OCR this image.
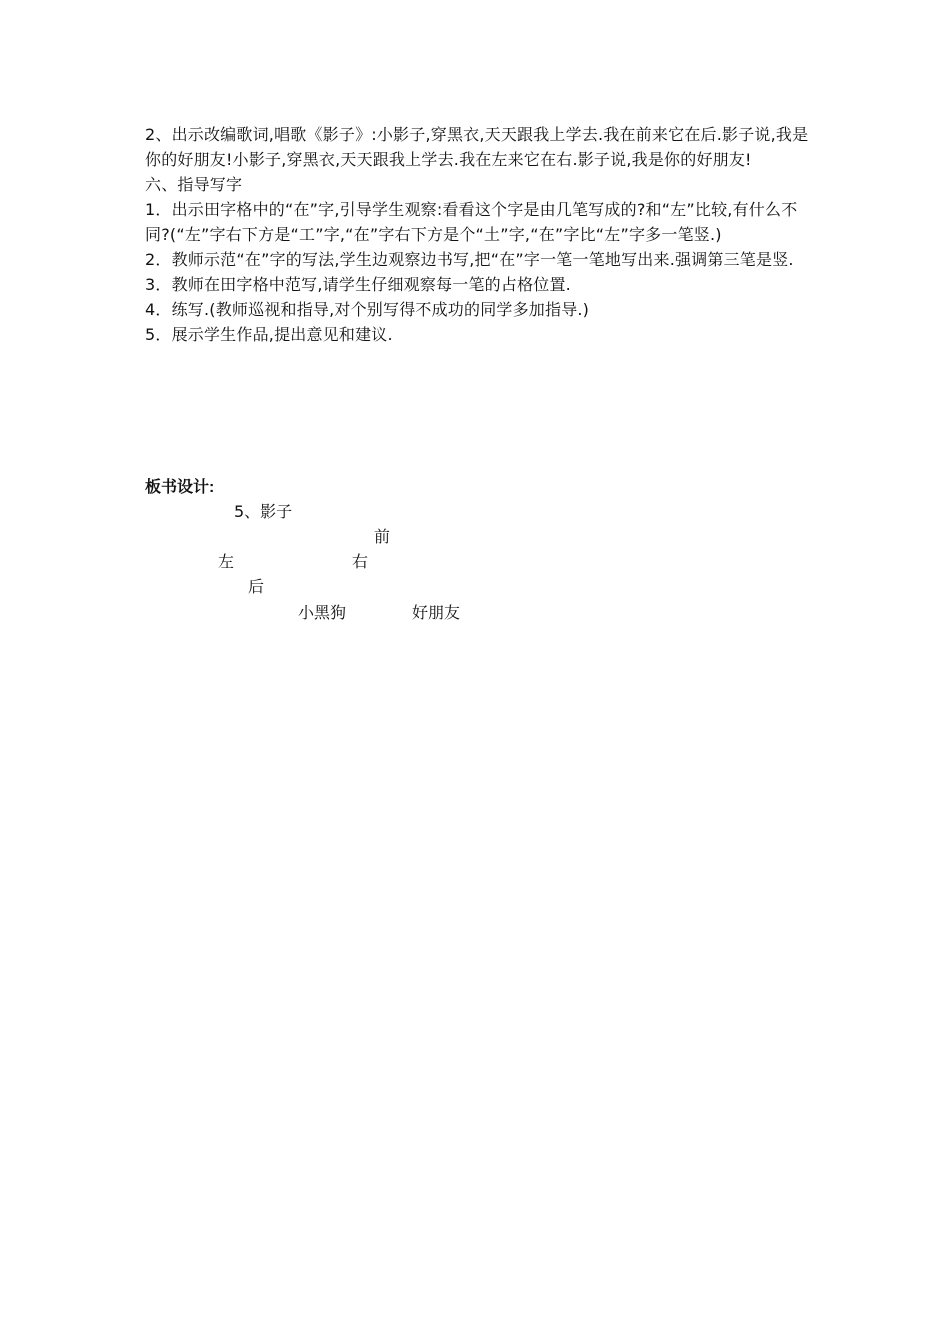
2、出示改编歌词,唱歌《影子》:小影子,穿黑衣,天天跟我上学去.我在前来它在后.影子说,我是你的好朋友!小影子,穿黑衣,天天跟我上学去.我在左来它在右.影子说,我是你的好朋友!

六、指导写字

1．出示田字格中的“在”字,引导学生观察:看看这个字是由几笔写成的?和“左”比较,有什么不同?(“左”字右下方是“工”字,“在”字右下方是个“土”字,“在”字比“左”字多一笔竖.)

2．教师示范“在”字的写法,学生边观察边书写,把“在”字一笔一笔地写出来.强调第三笔是竖.

3．教师在田字格中范写,请学生仔细观察每一笔的占格位置.

4．练写.(教师巡视和指导,对个别写得不成功的同学多加指导.)

5．展示学生作品,提出意见和建议.

板书设计:
5、影子
前
左	右
后
小黑狗	好朋友
